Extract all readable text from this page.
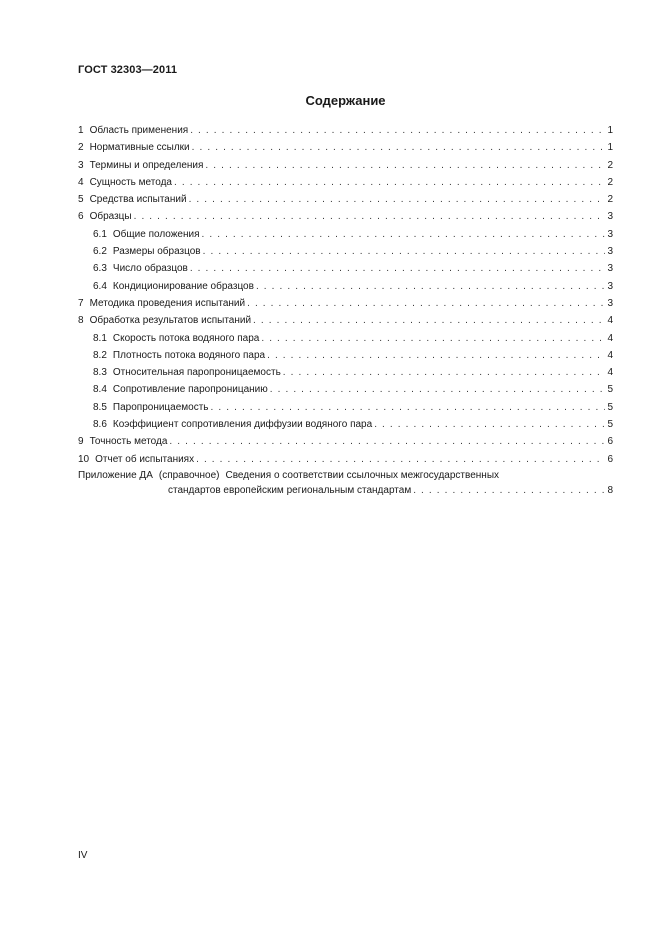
ГОСТ 32303—2011
Содержание
1 Область применения . . .	1
2 Нормативные ссылки . . .	1
3 Термины и определения . . .	2
4 Сущность метода . . .	2
5 Средства испытаний . . .	2
6 Образцы . . .	3
6.1 Общие положения . . .	3
6.2 Размеры образцов . . .	3
6.3 Число образцов . . .	3
6.4 Кондиционирование образцов . . .	3
7 Методика проведения испытаний . . .	3
8 Обработка результатов испытаний . . .	4
8.1 Скорость потока водяного пара . . .	4
8.2 Плотность потока водяного пара . . .	4
8.3 Относительная паропроницаемость . . .	4
8.4 Сопротивление паропроницанию . . .	5
8.5 Паропроницаемость . . .	5
8.6 Коэффициент сопротивления диффузии водяного пара . . .	5
9 Точность метода . . .	6
10 Отчет об испытаниях . . .	6
Приложение ДА (справочное) Сведения о соответствии ссылочных межгосударственных
стандартов европейским региональным стандартам . . .	8
IV
